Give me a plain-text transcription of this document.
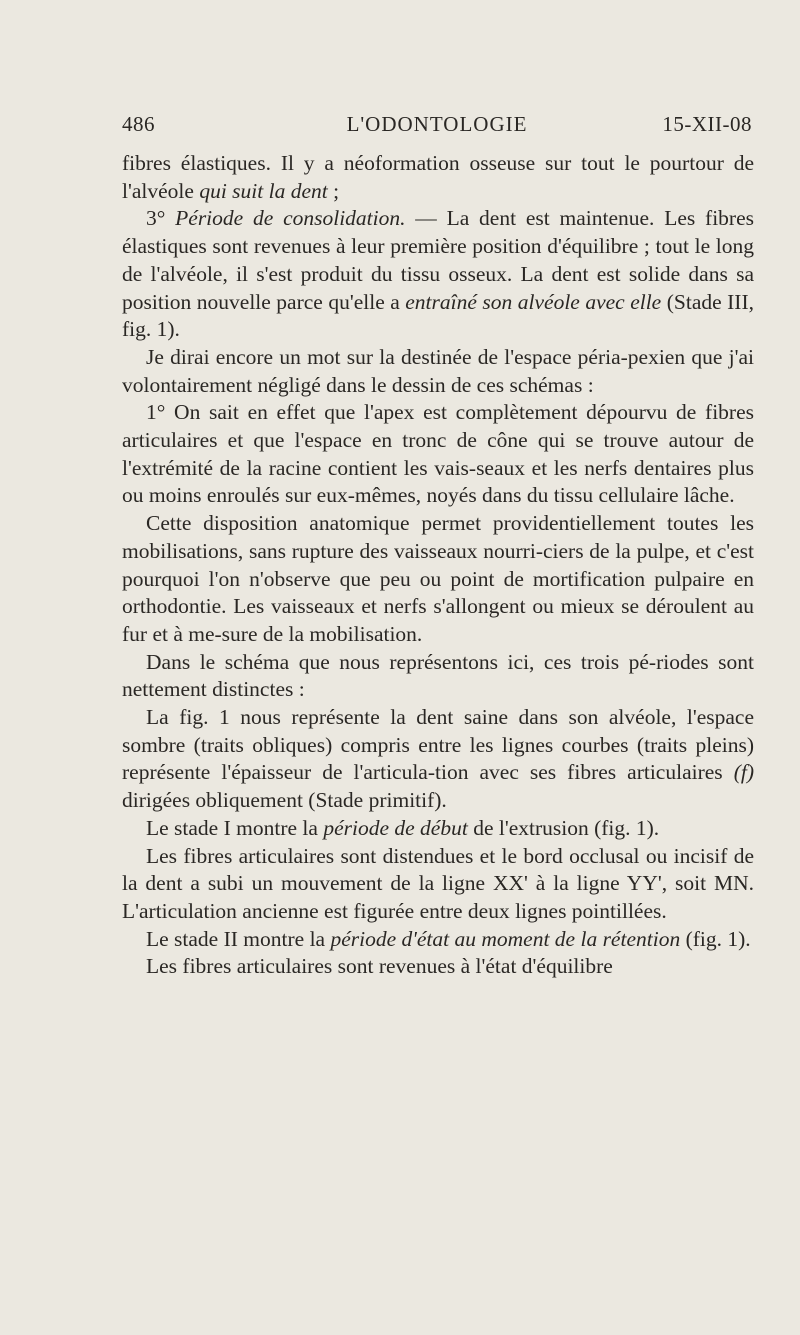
486	L'ODONTOLOGIE	15-XII-08

fibres élastiques. Il y a néoformation osseuse sur tout le pourtour de l'alvéole qui suit la dent ;

3° Période de consolidation. — La dent est maintenue. Les fibres élastiques sont revenues à leur première position d'équilibre ; tout le long de l'alvéole, il s'est produit du tissu osseux. La dent est solide dans sa position nouvelle parce qu'elle a entraîné son alvéole avec elle (Stade III, fig. 1).

Je dirai encore un mot sur la destinée de l'espace péria-pexien que j'ai volontairement négligé dans le dessin de ces schémas :

1° On sait en effet que l'apex est complètement dépourvu de fibres articulaires et que l'espace en tronc de cône qui se trouve autour de l'extrémité de la racine contient les vais-seaux et les nerfs dentaires plus ou moins enroulés sur eux-mêmes, noyés dans du tissu cellulaire lâche.

Cette disposition anatomique permet providentiellement toutes les mobilisations, sans rupture des vaisseaux nourri-ciers de la pulpe, et c'est pourquoi l'on n'observe que peu ou point de mortification pulpaire en orthodontie. Les vaisseaux et nerfs s'allongent ou mieux se déroulent au fur et à me-sure de la mobilisation.

Dans le schéma que nous représentons ici, ces trois pé-riodes sont nettement distinctes :

La fig. 1 nous représente la dent saine dans son alvéole, l'espace sombre (traits obliques) compris entre les lignes courbes (traits pleins) représente l'épaisseur de l'articula-tion avec ses fibres articulaires (f) dirigées obliquement (Stade primitif).

Le stade I montre la période de début de l'extrusion (fig. 1).

Les fibres articulaires sont distendues et le bord occlusal ou incisif de la dent a subi un mouvement de la ligne XX' à la ligne YY', soit MN. L'articulation ancienne est figurée entre deux lignes pointillées.

Le stade II montre la période d'état au moment de la rétention (fig. 1).

Les fibres articulaires sont revenues à l'état d'équilibre
